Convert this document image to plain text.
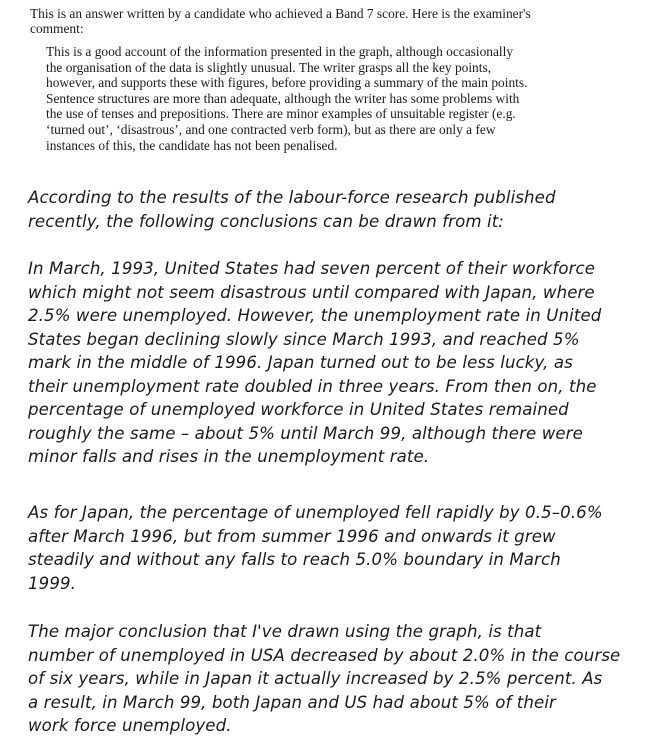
This is an answer written by a candidate who achieved a Band 7 score. Here is the examiner's
comment:
This is a good account of the information presented in the graph, although occasionally
the organisation of the data is slightly unusual. The writer grasps all the key points,
however, and supports these with figures, before providing a summary of the main points.
Sentence structures are more than adequate, although the writer has some problems with
the use of tenses and prepositions. There are minor examples of unsuitable register (e.g.
‘turned out’, ‘disastrous’, and one contracted verb form), but as there are only a few
instances of this, the candidate has not been penalised.
According to the results of the labour-force research published
recently, the following conclusions can be drawn from it:
In March, 1993, United States had seven percent of their workforce
which might not seem disastrous until compared with Japan, where
2.5% were unemployed. However, the unemployment rate in United
States began declining slowly since March 1993, and reached 5%
mark in the middle of 1996. Japan turned out to be less lucky, as
their unemployment rate doubled in three years. From then on, the
percentage of unemployed workforce in United States remained
roughly the same – about 5% until March 99, although there were
minor falls and rises in the unemployment rate.
As for Japan, the percentage of unemployed fell rapidly by 0.5–0.6%
after March 1996, but from summer 1996 and onwards it grew
steadily and without any falls to reach 5.0% boundary in March
1999.
The major conclusion that I've drawn using the graph, is that
number of unemployed in USA decreased by about 2.0% in the course
of six years, while in Japan it actually increased by 2.5% percent. As
a result, in March 99, both Japan and US had about 5% of their
work force unemployed.
